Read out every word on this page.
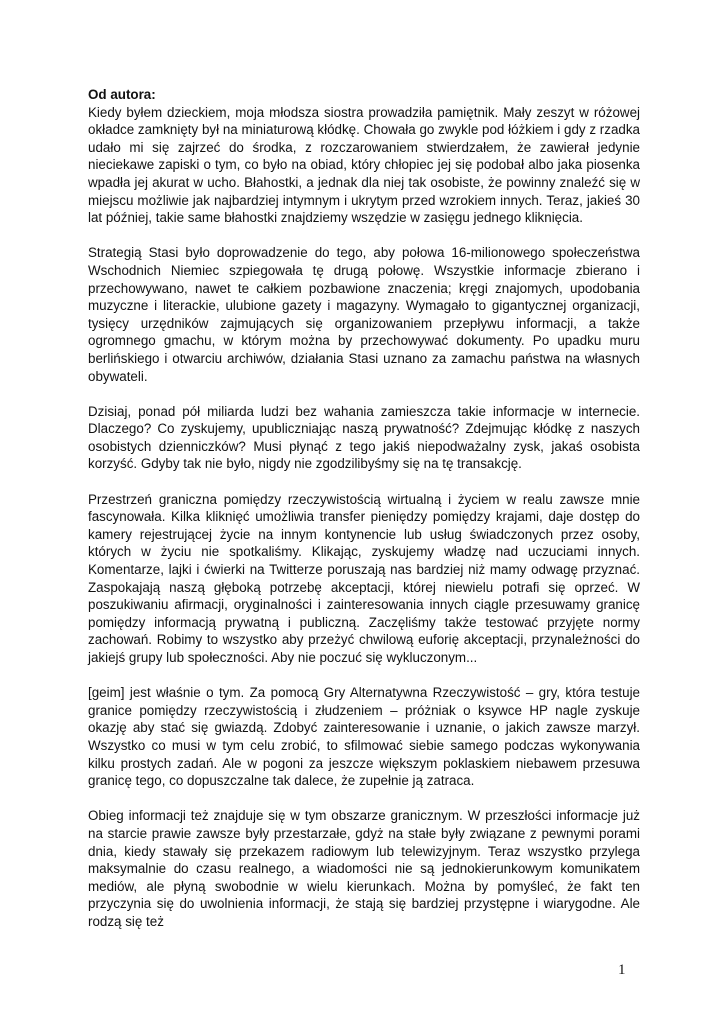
Od autora:

Kiedy byłem dzieckiem, moja młodsza siostra prowadziła pamiętnik. Mały zeszyt w różowej okładce zamknięty był na miniaturową kłódkę. Chowała go zwykle pod łóżkiem i gdy z rzadka udało mi się zajrzeć do środka, z rozczarowaniem stwierdzałem, że zawierał jedynie nieciekawe zapiski o tym, co było na obiad, który chłopiec jej się podobał albo jaka piosenka wpadła jej akurat w ucho. Błahostki, a jednak dla niej tak osobiste, że powinny znaleźć się w miejscu możliwie jak najbardziej intymnym i ukrytym przed wzrokiem innych. Teraz, jakieś 30 lat później, takie same błahostki znajdziemy wszędzie w zasięgu jednego kliknięcia.

Strategią Stasi było doprowadzenie do tego, aby połowa 16-milionowego społeczeństwa Wschodnich Niemiec szpiegowała tę drugą połowę. Wszystkie informacje zbierano i przechowywano, nawet te całkiem pozbawione znaczenia; kręgi znajomych, upodobania muzyczne i literackie, ulubione gazety i magazyny. Wymagało to gigantycznej organizacji, tysięcy urzędników zajmujących się organizowaniem przepływu informacji, a także ogromnego gmachu, w którym można by przechowywać dokumenty. Po upadku muru berlińskiego i otwarciu archiwów, działania Stasi uznano za zamachu państwa na własnych obywateli.

Dzisiaj, ponad pół miliarda ludzi bez wahania zamieszcza takie informacje w internecie. Dlaczego? Co zyskujemy, upubliczniając naszą prywatność? Zdejmując kłódkę z naszych osobistych dzienniczków? Musi płynąć z tego jakiś niepodważalny zysk, jakaś osobista korzyść. Gdyby tak nie było, nigdy nie zgodzilibyśmy się na tę transakcję.

Przestrzeń graniczna pomiędzy rzeczywistością wirtualną i życiem w realu zawsze mnie fascynowała. Kilka kliknięć umożliwia transfer pieniędzy pomiędzy krajami, daje dostęp do kamery rejestrującej życie na innym kontynencie lub usług świadczonych przez osoby, których w życiu nie spotkaliśmy. Klikając, zyskujemy władzę nad uczuciami innych. Komentarze, lajki i ćwierki na Twitterze poruszają nas bardziej niż mamy odwagę przyznać. Zaspokajają naszą głęboką potrzebę akceptacji, której niewielu potrafi się oprzeć. W poszukiwaniu afirmacji, oryginalności i zainteresowania innych ciągle przesuwamy granicę pomiędzy informacją prywatną i publiczną. Zaczęliśmy także testować przyjęte normy zachowań. Robimy to wszystko aby przeżyć chwilową euforię akceptacji, przynależności do jakiejś grupy lub społeczności. Aby nie poczuć się wykluczonym...

[geim] jest właśnie o tym. Za pomocą Gry Alternatywna Rzeczywistość – gry, która testuje granice pomiędzy rzeczywistością i złudzeniem – próżniak o ksywce HP nagle zyskuje okazję aby stać się gwiazdą. Zdobyć zainteresowanie i uznanie, o jakich zawsze marzył. Wszystko co musi w tym celu zrobić, to sfilmować siebie samego podczas wykonywania kilku prostych zadań. Ale w pogoni za jeszcze większym poklaskiem niebawem przesuwa granicę tego, co dopuszczalne tak dalece, że zupełnie ją zatraca.

Obieg informacji też znajduje się w tym obszarze granicznym. W przeszłości informacje już na starcie prawie zawsze były przestarzałe, gdyż na stałe były związane z pewnymi porami dnia, kiedy stawały się przekazem radiowym lub telewizyjnym. Teraz wszystko przylega maksymalnie do czasu realnego, a wiadomości nie są jednokierunkowym komunikatem mediów, ale płyną swobodnie w wielu kierunkach. Można by pomyśleć, że fakt ten przyczynia się do uwolnienia informacji, że stają się bardziej przystępne i wiarygodne. Ale rodzą się też

1
